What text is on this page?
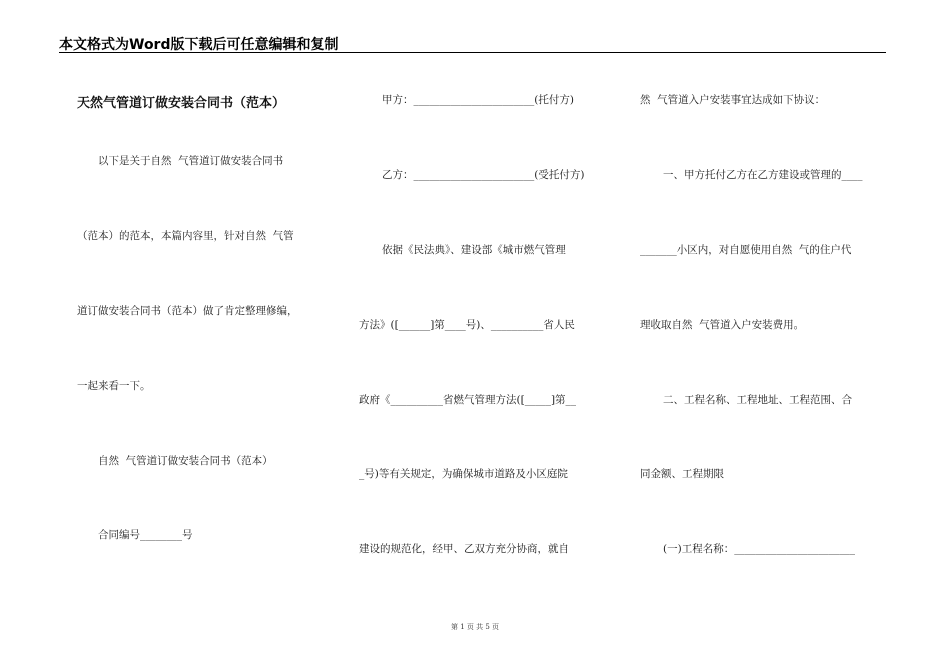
本文格式为Word版下载后可任意编辑和复制
天然气管道订做安装合同书（范本）
以下是关于自然  气管道订做安装合同书
（范本）的范本，本篇内容里，针对自然  气管
道订做安装合同书（范本）做了肯定整理修编，
一起来看一下。
自然  气管道订做安装合同书（范本）
合同编号________号
甲方：_______________________(托付方)
乙方：_______________________(受托付方)
依据《民法典》、建设部《城市燃气管理
方法》([______]第____号)、__________省人民
政府《__________省燃气管理方法([_____]第__
_号)等有关规定，为确保城市道路及小区庭院
建设的规范化，经甲、乙双方充分协商，就自
然  气管道入户安装事宜达成如下协议：
一、甲方托付乙方在乙方建设或管理的____
_______小区内，对自愿使用自然  气的住户代
理收取自然  气管道入户安装费用。
二、工程名称、工程地址、工程范围、合
同金额、工程期限
(一)工程名称：_______________________
第 1 页 共 5 页
